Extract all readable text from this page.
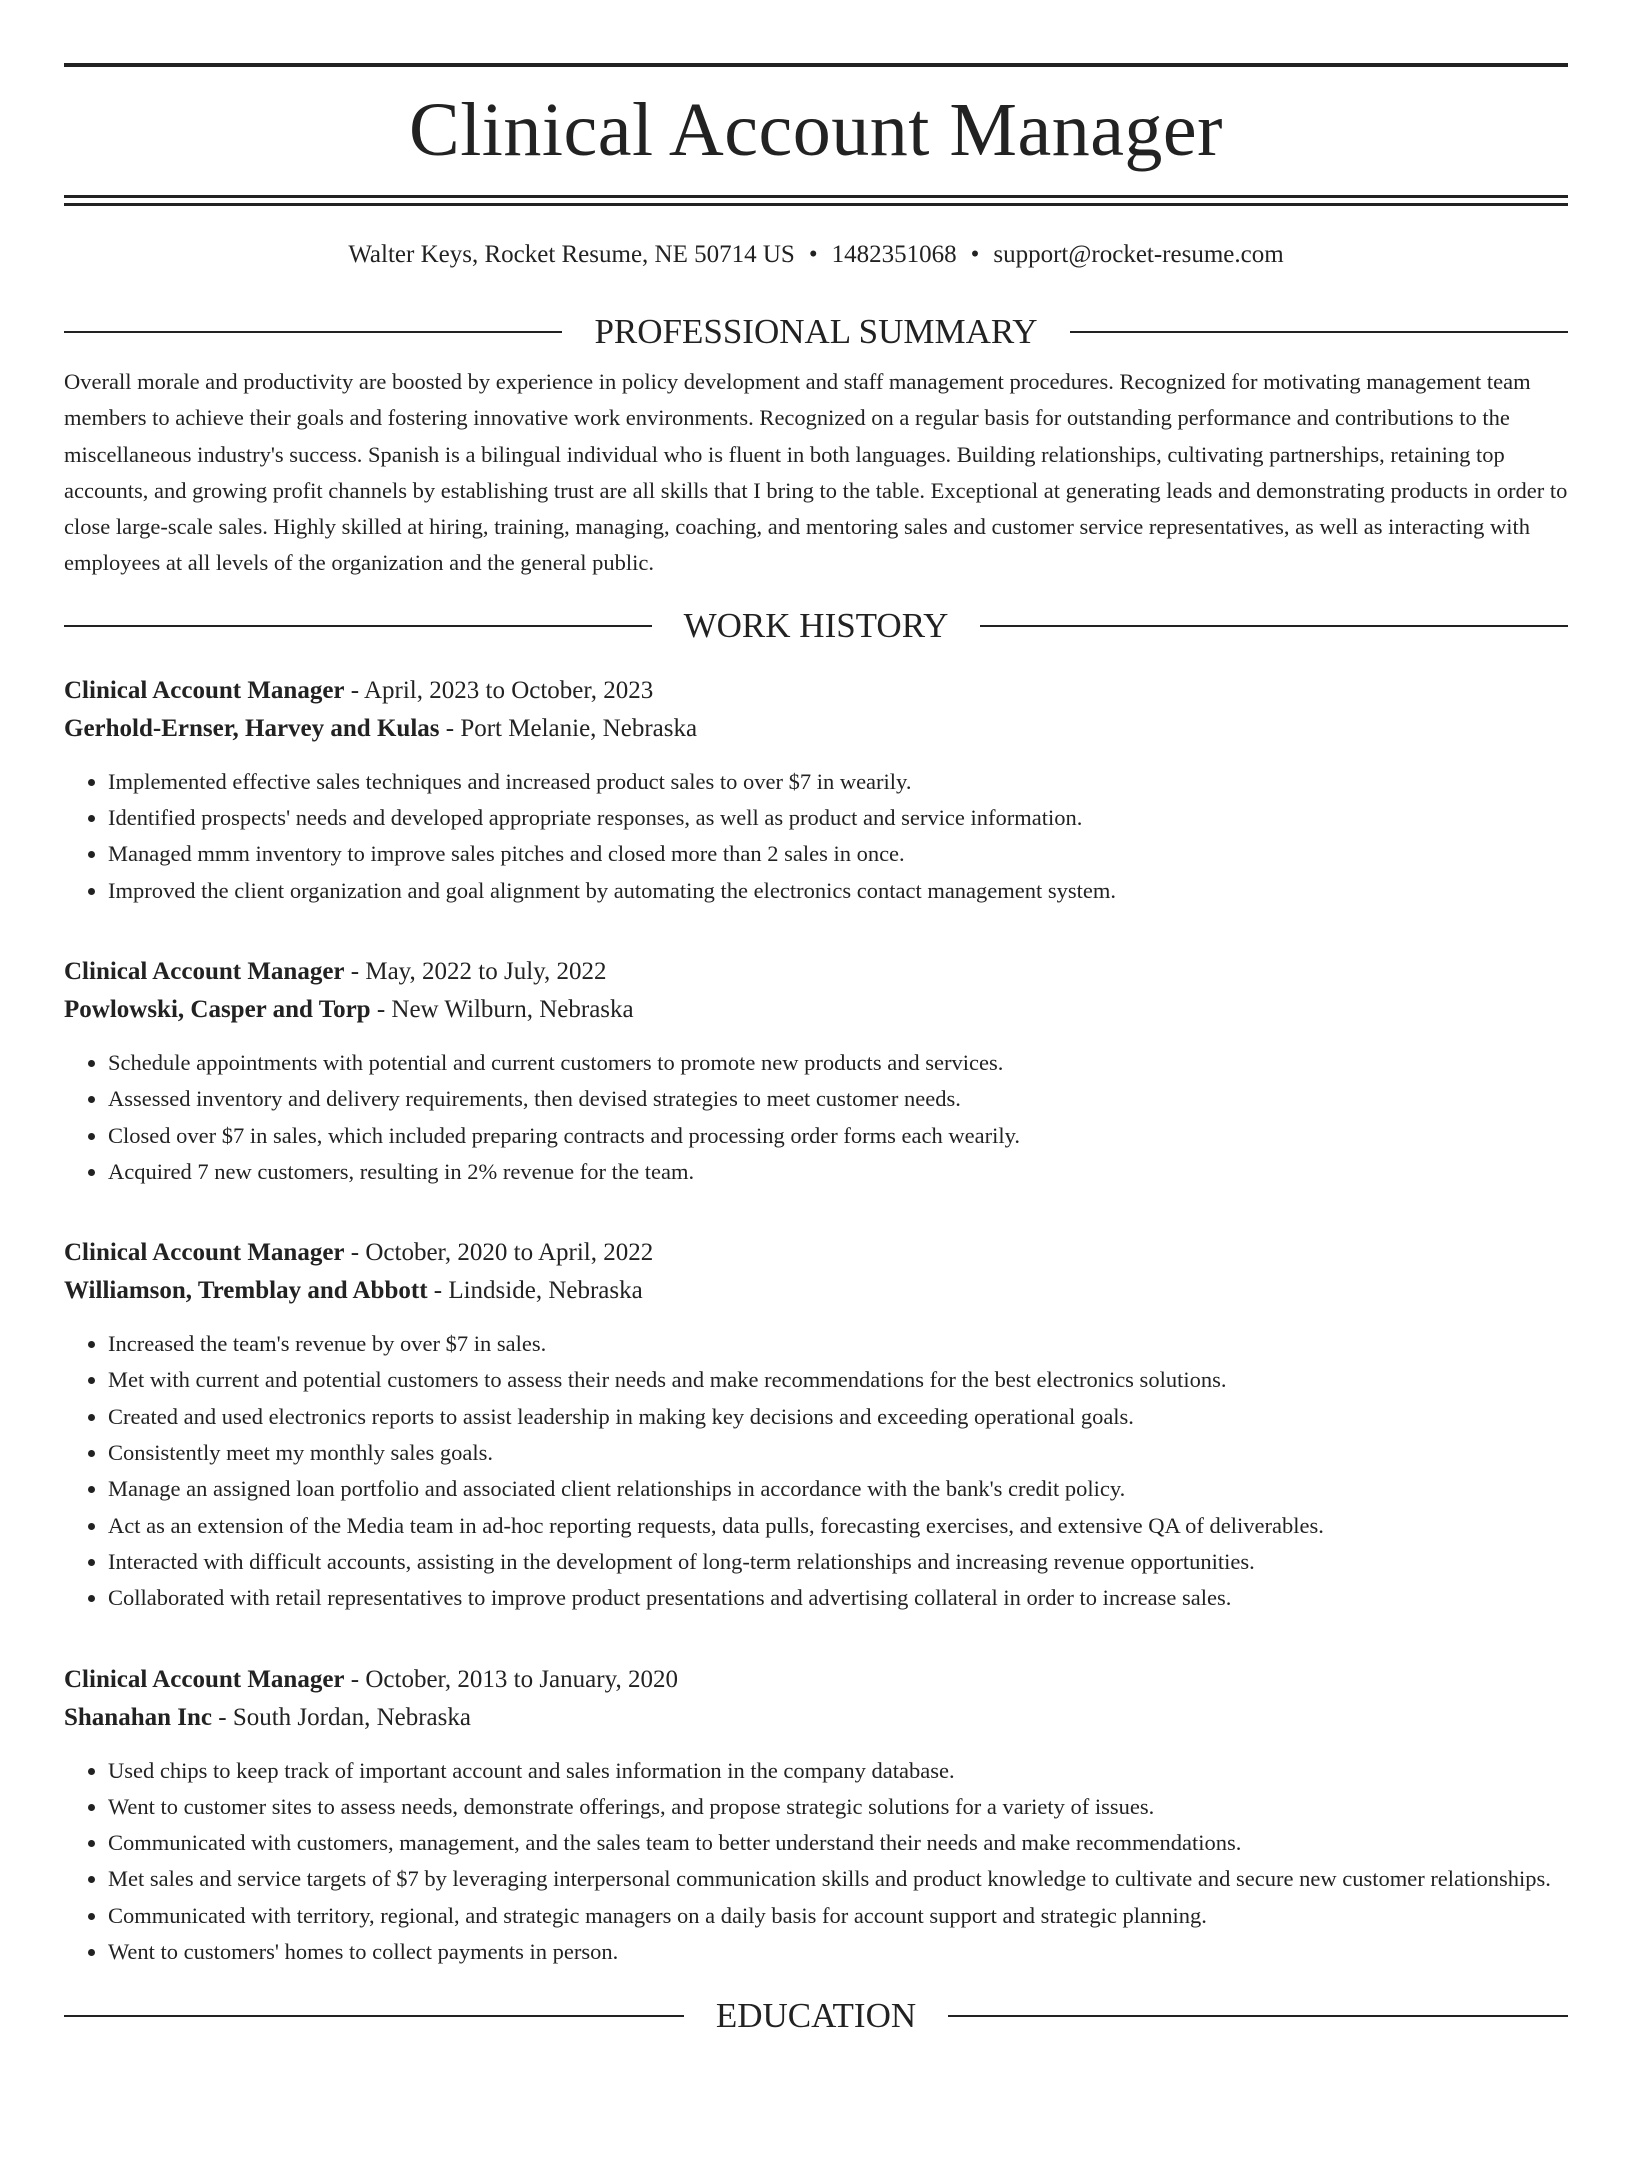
Clinical Account Manager
Walter Keys, Rocket Resume, NE 50714 US • 1482351068 • support@rocket-resume.com
PROFESSIONAL SUMMARY

Overall morale and productivity are boosted by experience in policy development and staff management procedures. Recognized for motivating management team members to achieve their goals and fostering innovative work environments. Recognized on a regular basis for outstanding performance and contributions to the miscellaneous industry's success. Spanish is a bilingual individual who is fluent in both languages. Building relationships, cultivating partnerships, retaining top accounts, and growing profit channels by establishing trust are all skills that I bring to the table. Exceptional at generating leads and demonstrating products in order to close large-scale sales. Highly skilled at hiring, training, managing, coaching, and mentoring sales and customer service representatives, as well as interacting with employees at all levels of the organization and the general public.

WORK HISTORY
Clinical Account Manager - April, 2023 to October, 2023
Gerhold-Ernser, Harvey and Kulas - Port Melanie, Nebraska
• Implemented effective sales techniques and increased product sales to over $7 in wearily.
• Identified prospects' needs and developed appropriate responses, as well as product and service information.
• Managed mmm inventory to improve sales pitches and closed more than 2 sales in once.
• Improved the client organization and goal alignment by automating the electronics contact management system.
Clinical Account Manager - May, 2022 to July, 2022
Powlowski, Casper and Torp - New Wilburn, Nebraska
• Schedule appointments with potential and current customers to promote new products and services.
• Assessed inventory and delivery requirements, then devised strategies to meet customer needs.
• Closed over $7 in sales, which included preparing contracts and processing order forms each wearily.
• Acquired 7 new customers, resulting in 2% revenue for the team.
Clinical Account Manager - October, 2020 to April, 2022
Williamson, Tremblay and Abbott - Lindside, Nebraska
• Increased the team's revenue by over $7 in sales.
• Met with current and potential customers to assess their needs and make recommendations for the best electronics solutions.
• Created and used electronics reports to assist leadership in making key decisions and exceeding operational goals.
• Consistently meet my monthly sales goals.
• Manage an assigned loan portfolio and associated client relationships in accordance with the bank's credit policy.
• Act as an extension of the Media team in ad-hoc reporting requests, data pulls, forecasting exercises, and extensive QA of deliverables.
• Interacted with difficult accounts, assisting in the development of long-term relationships and increasing revenue opportunities.
• Collaborated with retail representatives to improve product presentations and advertising collateral in order to increase sales.
Clinical Account Manager - October, 2013 to January, 2020
Shanahan Inc - South Jordan, Nebraska
• Used chips to keep track of important account and sales information in the company database.
• Went to customer sites to assess needs, demonstrate offerings, and propose strategic solutions for a variety of issues.
• Communicated with customers, management, and the sales team to better understand their needs and make recommendations.
• Met sales and service targets of $7 by leveraging interpersonal communication skills and product knowledge to cultivate and secure new customer relationships.
• Communicated with territory, regional, and strategic managers on a daily basis for account support and strategic planning.
• Went to customers' homes to collect payments in person.
EDUCATION
